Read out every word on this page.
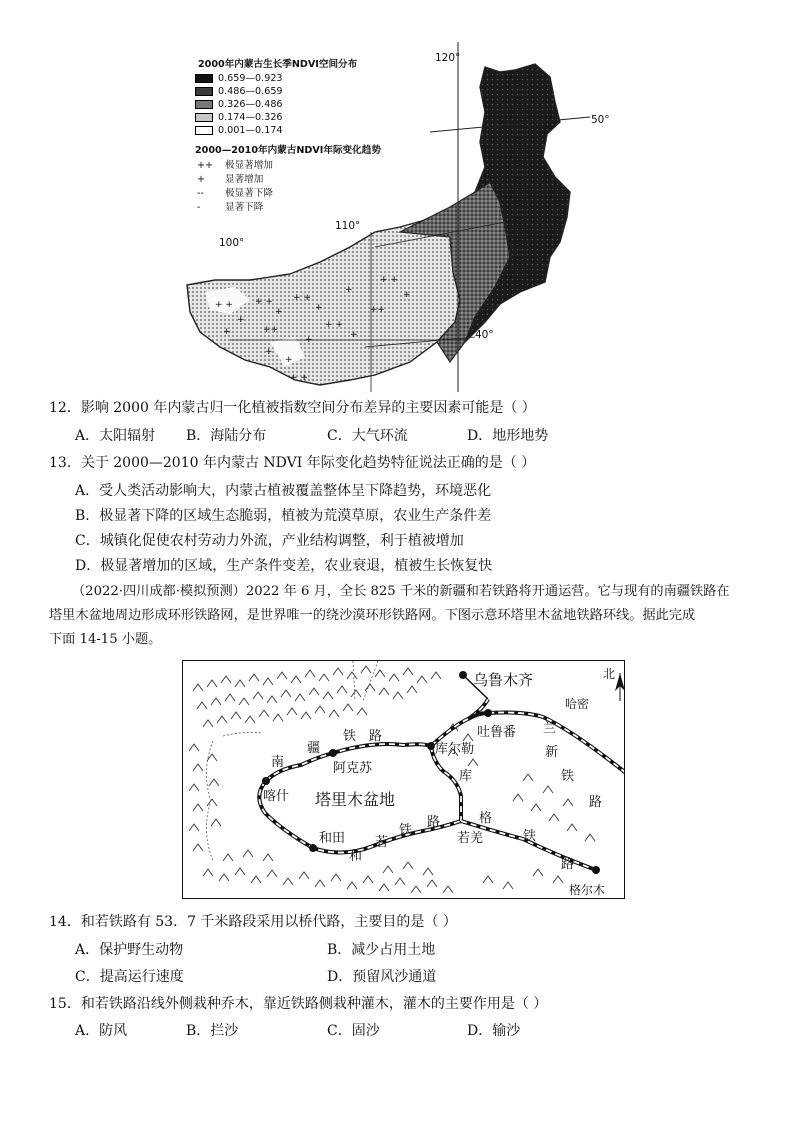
+ +
+
+ +
+
+ +
+
+	++
+
+ +
+
+
+ +
+
+
+ +
+
++
2000年内蒙古生长季NDVI空间分布
0.659—0.923
0.486—0.659
0.326—0.486
0.174—0.326
0.001—0.174
2000—2010年内蒙古NDVI年际变化趋势
++ 极显著增加
+ 显著增加
-- 极显著下降
-	显著下降
120°
50°
110°
100°
40°
12．影响 2000 年内蒙古归一化植被指数空间分布差异的主要因素可能是（ ）
A．太阳辐射 B．海陆分布	C．大气环流	D．地形地势
13．关于 2000—2010 年内蒙古 NDVI 年际变化趋势特征说法正确的是（ ）
A．受人类活动影响大，内蒙古植被覆盖整体呈下降趋势，环境恶化
B．极显著下降的区域生态脆弱，植被为荒漠草原，农业生产条件差
C．城镇化促使农村劳动力外流，产业结构调整，利于植被增加
D．极显著增加的区域，生产条件变差，农业衰退，植被生长恢复快
（2022·四川成都·模拟预测）2022 年 6 月，全长 825 千米的新疆和若铁路将开通运营。它与现有的南疆铁路在
塔里木盆地周边形成环形铁路网，是世界唯一的绕沙漠环形铁路网。下图示意环塔里木盆地铁路环线。据此完成
下面 14-15 小题。
北
乌鲁木齐
哈密
吐鲁番 兰
库尔勒	新
铁
路
南
疆
铁 路
阿克苏
喀什 塔里木盆地
库
和田
和
若
铁
路
若羌
格
铁
路
格尔木
14．和若铁路有 53．7 千米路段采用以桥代路，主要目的是（ ）
A．保护野生动物	B．减少占用土地
C．提高运行速度	D．预留风沙通道
15．和若铁路沿线外侧栽种乔木，靠近铁路侧栽种灌木，灌木的主要作用是（ ）
A．防风	B．拦沙	C．固沙	D．输沙
